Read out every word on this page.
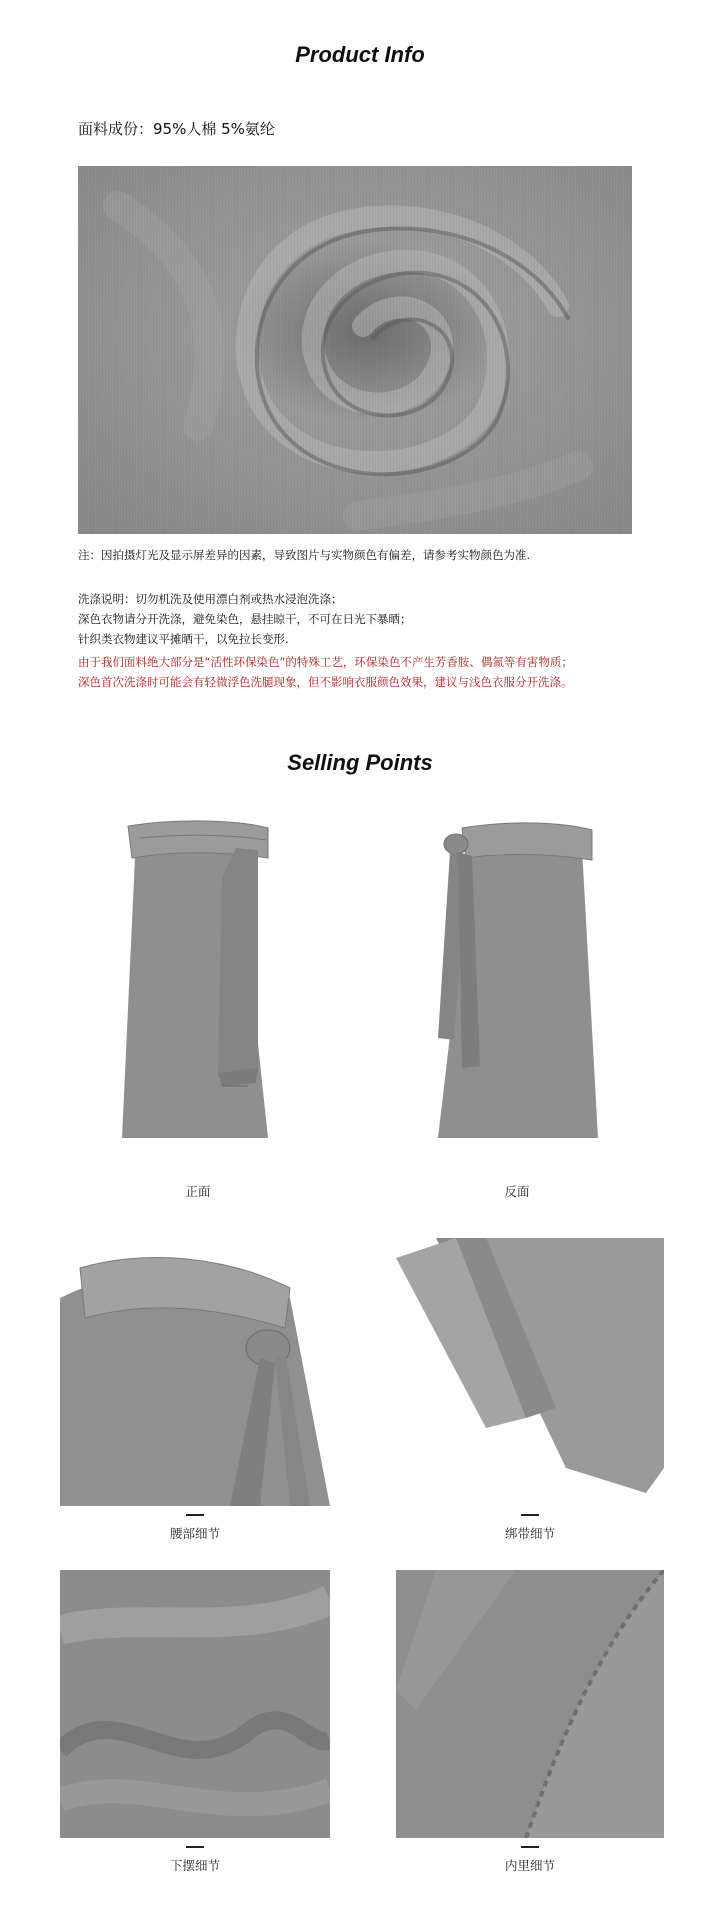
Product Info
面料成份：95%人棉 5%氨纶
注：因拍摄灯光及显示屏差异的因素，导致图片与实物颜色有偏差，请参考实物颜色为准.
洗涤说明：切勿机洗及使用漂白剂或热水浸泡洗涤；
深色衣物请分开洗涤，避免染色，悬挂晾干，不可在日光下暴晒；
针织类衣物建议平摊晒干，以免拉长变形.
由于我们面料绝大部分是“活性环保染色”的特殊工艺，环保染色不产生芳香胺、偶氮等有害物质；
深色首次洗涤时可能会有轻微浮色洗腿现象，但不影响衣服颜色效果，建议与浅色衣服分开洗涤。
Selling Points
正面	反面
腰部细节	绑带细节
下摆细节	内里细节
